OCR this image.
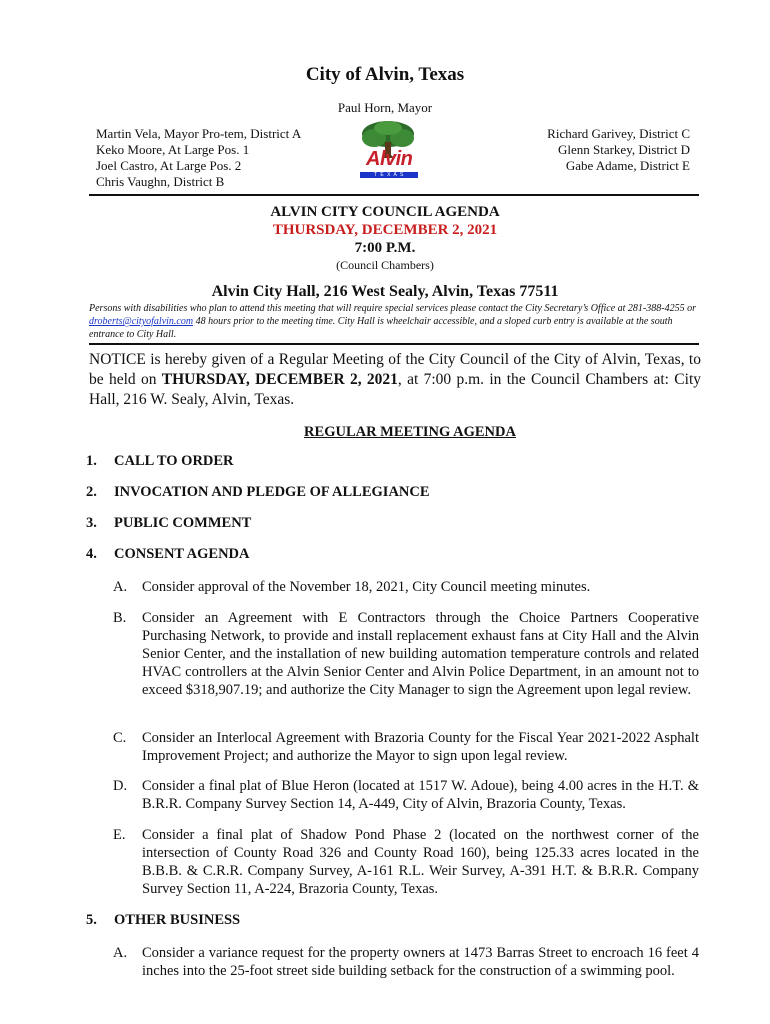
City of Alvin, Texas
Paul Horn, Mayor
Martin Vela, Mayor Pro-tem, District A
Keko Moore, At Large Pos. 1
Joel Castro, At Large Pos. 2
Chris Vaughn, District B
Alvin
T E X A S
Richard Garivey, District C
Glenn Starkey, District D
Gabe Adame, District E
ALVIN CITY COUNCIL AGENDA
THURSDAY, DECEMBER 2, 2021
7:00 P.M.
(Council Chambers)
Alvin City Hall, 216 West Sealy, Alvin, Texas 77511
Persons with disabilities who plan to attend this meeting that will require special services please contact the City Secretary’s Office at 281-388-4255 or droberts@cityofalvin.com 48 hours prior to the meeting time. City Hall is wheelchair accessible, and a sloped curb entry is available at the south entrance to City Hall.
NOTICE is hereby given of a Regular Meeting of the City Council of the City of Alvin, Texas, to be held on THURSDAY, DECEMBER 2, 2021, at 7:00 p.m. in the Council Chambers at: City Hall, 216 W. Sealy, Alvin, Texas.
REGULAR MEETING AGENDA
1. CALL TO ORDER
2. INVOCATION AND PLEDGE OF ALLEGIANCE
3. PUBLIC COMMENT
4. CONSENT AGENDA
A. Consider approval of the November 18, 2021, City Council meeting minutes.
B. Consider an Agreement with E Contractors through the Choice Partners Cooperative Purchasing Network, to provide and install replacement exhaust fans at City Hall and the Alvin Senior Center, and the installation of new building automation temperature controls and related HVAC controllers at the Alvin Senior Center and Alvin Police Department, in an amount not to exceed $318,907.19; and authorize the City Manager to sign the Agreement upon legal review.
C. Consider an Interlocal Agreement with Brazoria County for the Fiscal Year 2021-2022 Asphalt Improvement Project; and authorize the Mayor to sign upon legal review.
D. Consider a final plat of Blue Heron (located at 1517 W. Adoue), being 4.00 acres in the H.T. & B.R.R. Company Survey Section 14, A-449, City of Alvin, Brazoria County, Texas.
E. Consider a final plat of Shadow Pond Phase 2 (located on the northwest corner of the intersection of County Road 326 and County Road 160), being 125.33 acres located in the B.B.B. & C.R.R. Company Survey, A-161 R.L. Weir Survey, A-391 H.T. & B.R.R. Company Survey Section 11, A-224, Brazoria County, Texas.
5. OTHER BUSINESS
A. Consider a variance request for the property owners at 1473 Barras Street to encroach 16 feet 4 inches into the 25-foot street side building setback for the construction of a swimming pool.
